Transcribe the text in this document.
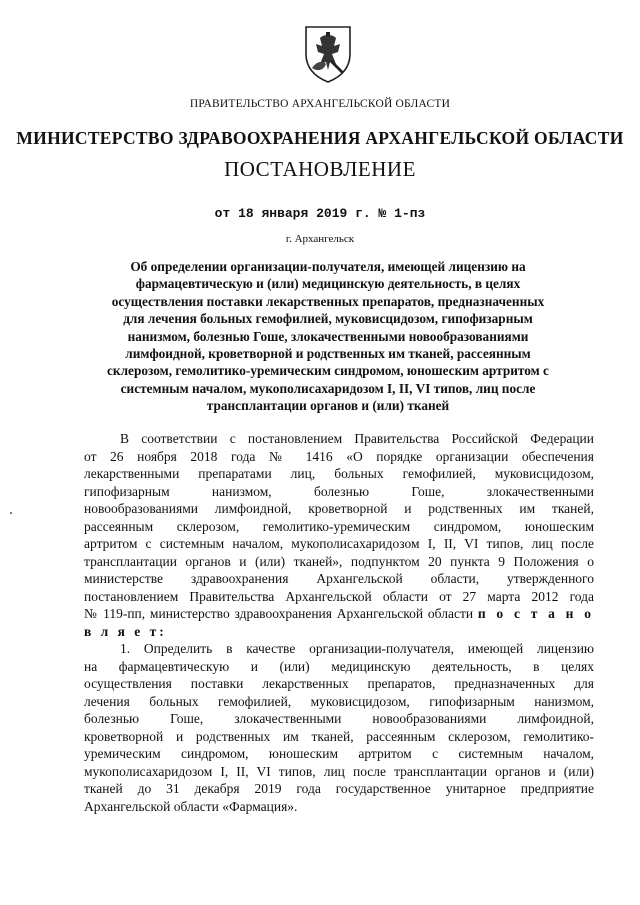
ПРАВИТЕЛЬСТВО АРХАНГЕЛЬСКОЙ ОБЛАСТИ
МИНИСТЕРСТВО ЗДРАВООХРАНЕНИЯ АРХАНГЕЛЬСКОЙ ОБЛАСТИ
ПОСТАНОВЛЕНИЕ
от 18 января 2019 г. № 1-пз
г. Архангельск
Об определении организации-получателя, имеющей лицензию на
фармацевтическую и (или) медицинскую деятельность, в целях
осуществления поставки лекарственных препаратов, предназначенных
для лечения больных гемофилией, муковисцидозом, гипофизарным
нанизмом, болезнью Гоше, злокачественными новообразованиями
лимфоидной, кроветворной и родственных им тканей, рассеянным
склерозом, гемолитико-уремическим синдромом, юношеским артритом с
системным началом, мукополисахаридозом I, II, VI типов, лиц после
трансплантации органов и (или) тканей
В соответствии с постановлением Правительства Российской Федерации
от 26 ноября 2018 года № 1416 «О порядке организации обеспечения
лекарственными препаратами лиц, больных гемофилией, муковисцидозом,
гипофизарным нанизмом, болезнью Гоше, злокачественными
новообразованиями лимфоидной, кроветворной и родственных им тканей,
рассеянным склерозом, гемолитико-уремическим синдромом, юношеским
артритом с системным началом, мукополисахаридозом I, II, VI типов, лиц после
трансплантации органов и (или) тканей», подпунктом 20 пункта 9 Положения о
министерстве здравоохранения Архангельской области, утвержденного
постановлением Правительства Архангельской области от 27 марта 2012 года
№ 119-пп, министерство здравоохранения Архангельской области п о с т а н о
в л я е т:
1. Определить в качестве организации-получателя, имеющей лицензию
на фармацевтическую и (или) медицинскую деятельность, в целях
осуществления поставки лекарственных препаратов, предназначенных для
лечения больных гемофилией, муковисцидозом, гипофизарным нанизмом,
болезнью Гоше, злокачественными новообразованиями лимфоидной,
кроветворной и родственных им тканей, рассеянным склерозом, гемолитико-
уремическим синдромом, юношеским артритом с системным началом,
мукополисахаридозом I, II, VI типов, лиц после трансплантации органов и (или)
тканей до 31 декабря 2019 года государственное унитарное предприятие
Архангельской области «Фармация».
